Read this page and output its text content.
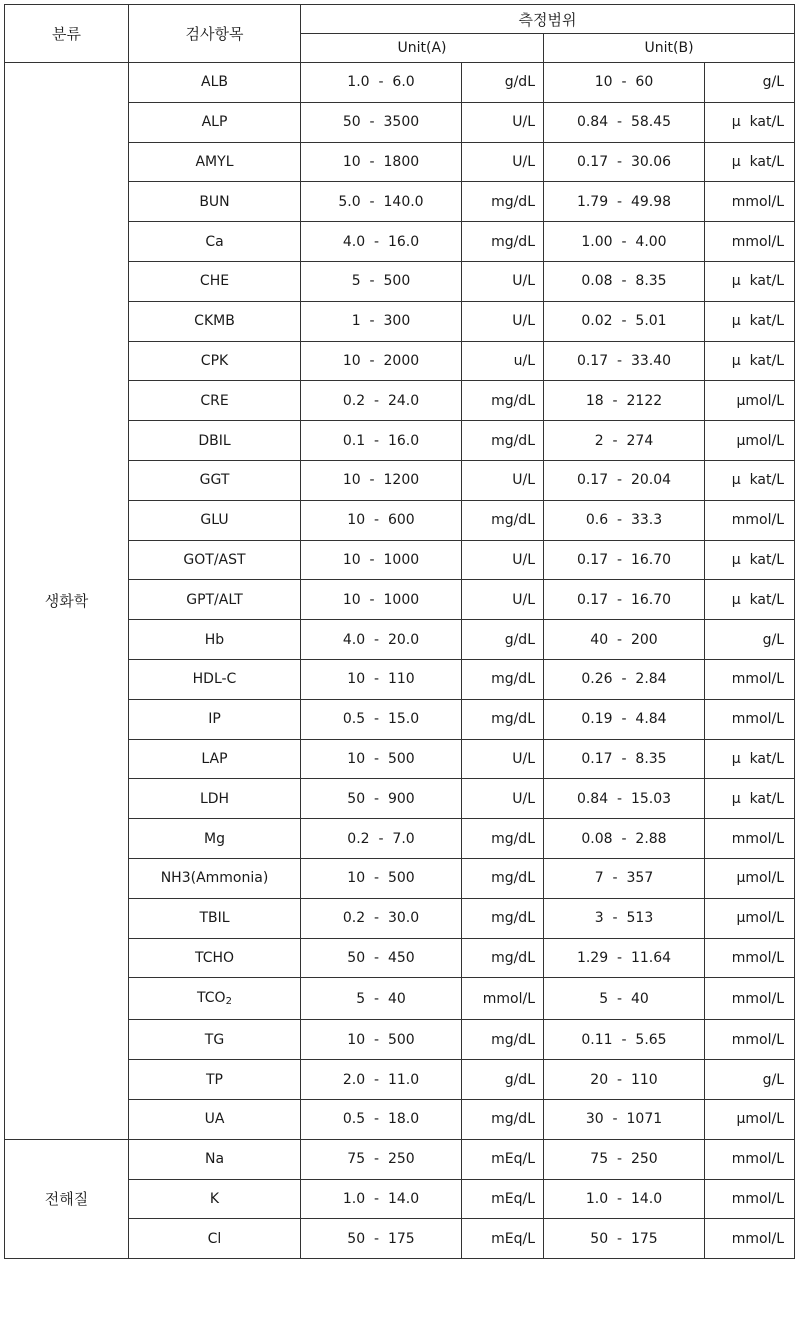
분류	검사항목	측정범위			
		Unit(A)		Unit(B)	
생화학	ALB	1.0  -  6.0	g/dL	10  -  60	g/L
	ALP	50  -  3500	U/L	0.84  -  58.45	μ  kat/L
	AMYL	10  -  1800	U/L	0.17  -  30.06	μ  kat/L
	BUN	5.0  -  140.0	mg/dL	1.79  -  49.98	mmol/L
	Ca	4.0  -  16.0	mg/dL	1.00  -  4.00	mmol/L
	CHE	5  -  500	U/L	0.08  -  8.35	μ  kat/L
	CKMB	1  -  300	U/L	0.02  -  5.01	μ  kat/L
	CPK	10  -  2000	u/L	0.17  -  33.40	μ  kat/L
	CRE	0.2  -  24.0	mg/dL	18  -  2122	μmol/L
	DBIL	0.1  -  16.0	mg/dL	2  -  274	μmol/L
	GGT	10  -  1200	U/L	0.17  -  20.04	μ  kat/L
	GLU	10  -  600	mg/dL	0.6  -  33.3	mmol/L
	GOT/AST	10  -  1000	U/L	0.17  -  16.70	μ  kat/L
	GPT/ALT	10  -  1000	U/L	0.17  -  16.70	μ  kat/L
	Hb	4.0  -  20.0	g/dL	40  -  200	g/L
	HDL-C	10  -  110	mg/dL	0.26  -  2.84	mmol/L
	IP	0.5  -  15.0	mg/dL	0.19  -  4.84	mmol/L
	LAP	10  -  500	U/L	0.17  -  8.35	μ  kat/L
	LDH	50  -  900	U/L	0.84  -  15.03	μ  kat/L
	Mg	0.2  -  7.0	mg/dL	0.08  -  2.88	mmol/L
	NH3(Ammonia)	10  -  500	mg/dL	7  -  357	μmol/L
	TBIL	0.2  -  30.0	mg/dL	3  -  513	μmol/L
	TCHO	50  -  450	mg/dL	1.29  -  11.64	mmol/L
	$TCO_2$	5  -  40	mmol/L	5  -  40	mmol/L
	TG	10  -  500	mg/dL	0.11  -  5.65	mmol/L
	TP	2.0  -  11.0	g/dL	20  -  110	g/L
	UA	0.5  -  18.0	mg/dL	30  -  1071	μmol/L
전해질	Na	75  -  250	mEq/L	75  -  250	mmol/L
	K	1.0  -  14.0	mEq/L	1.0  -  14.0	mmol/L
	Cl	50  -  175	mEq/L	50  -  175	mmol/L
